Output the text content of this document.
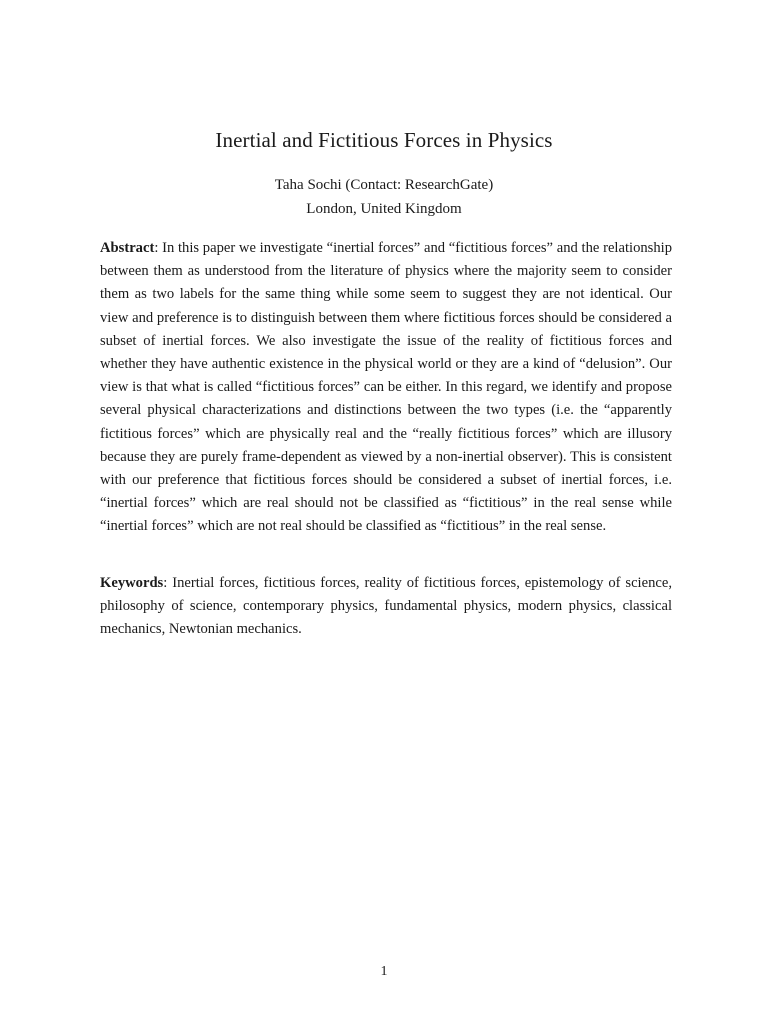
Inertial and Fictitious Forces in Physics
Taha Sochi (Contact: ResearchGate)
London, United Kingdom

Abstract: In this paper we investigate “inertial forces” and “fictitious forces” and the relationship between them as understood from the literature of physics where the majority seem to consider them as two labels for the same thing while some seem to suggest they are not identical. Our view and preference is to distinguish between them where fictitious forces should be considered a subset of inertial forces. We also investigate the issue of the reality of fictitious forces and whether they have authentic existence in the physical world or they are a kind of “delusion”. Our view is that what is called “fictitious forces” can be either. In this regard, we identify and propose several physical characterizations and distinctions between the two types (i.e. the “apparently fictitious forces” which are physically real and the “really fictitious forces” which are illusory because they are purely frame-dependent as viewed by a non-inertial observer). This is consistent with our preference that fictitious forces should be considered a subset of inertial forces, i.e. “inertial forces” which are real should not be classified as “fictitious” in the real sense while “inertial forces” which are not real should be classified as “fictitious” in the real sense.

Keywords: Inertial forces, fictitious forces, reality of fictitious forces, epistemology of science, philosophy of science, contemporary physics, fundamental physics, modern physics, classical mechanics, Newtonian mechanics.

1
